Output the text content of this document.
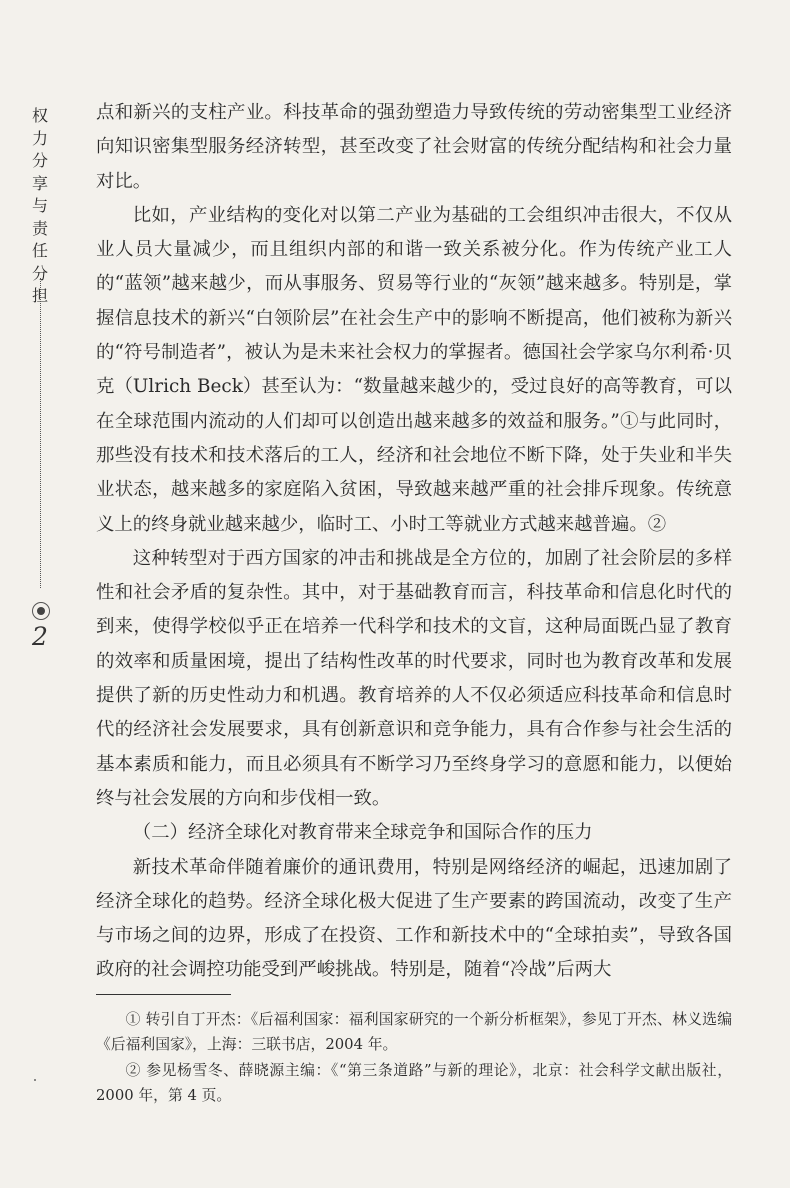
权力分享与责任分担
2

点和新兴的支柱产业。科技革命的强劲塑造力导致传统的劳动密集型工业经济向知识密集型服务经济转型，甚至改变了社会财富的传统分配结构和社会力量对比。

比如，产业结构的变化对以第二产业为基础的工会组织冲击很大，不仅从业人员大量减少，而且组织内部的和谐一致关系被分化。作为传统产业工人的“蓝领”越来越少，而从事服务、贸易等行业的“灰领”越来越多。特别是，掌握信息技术的新兴“白领阶层”在社会生产中的影响不断提高，他们被称为新兴的“符号制造者”，被认为是未来社会权力的掌握者。德国社会学家乌尔利希·贝克（Ulrich Beck）甚至认为：“数量越来越少的，受过良好的高等教育，可以在全球范围内流动的人们却可以创造出越来越多的效益和服务。”①与此同时，那些没有技术和技术落后的工人，经济和社会地位不断下降，处于失业和半失业状态，越来越多的家庭陷入贫困，导致越来越严重的社会排斥现象。传统意义上的终身就业越来越少，临时工、小时工等就业方式越来越普遍。②

这种转型对于西方国家的冲击和挑战是全方位的，加剧了社会阶层的多样性和社会矛盾的复杂性。其中，对于基础教育而言，科技革命和信息化时代的到来，使得学校似乎正在培养一代科学和技术的文盲，这种局面既凸显了教育的效率和质量困境，提出了结构性改革的时代要求，同时也为教育改革和发展提供了新的历史性动力和机遇。教育培养的人不仅必须适应科技革命和信息时代的经济社会发展要求，具有创新意识和竞争能力，具有合作参与社会生活的基本素质和能力，而且必须具有不断学习乃至终身学习的意愿和能力，以便始终与社会发展的方向和步伐相一致。

（二）经济全球化对教育带来全球竞争和国际合作的压力

新技术革命伴随着廉价的通讯费用，特别是网络经济的崛起，迅速加剧了经济全球化的趋势。经济全球化极大促进了生产要素的跨国流动，改变了生产与市场之间的边界，形成了在投资、工作和新技术中的“全球拍卖”，导致各国政府的社会调控功能受到严峻挑战。特别是，随着“冷战”后两大

① 转引自丁开杰：《后福利国家：福利国家研究的一个新分析框架》，参见丁开杰、林义选编《后福利国家》，上海：三联书店，2004 年。

② 参见杨雪冬、薛晓源主编：《“第三条道路”与新的理论》，北京：社会科学文献出版社，2000 年，第 4 页。
